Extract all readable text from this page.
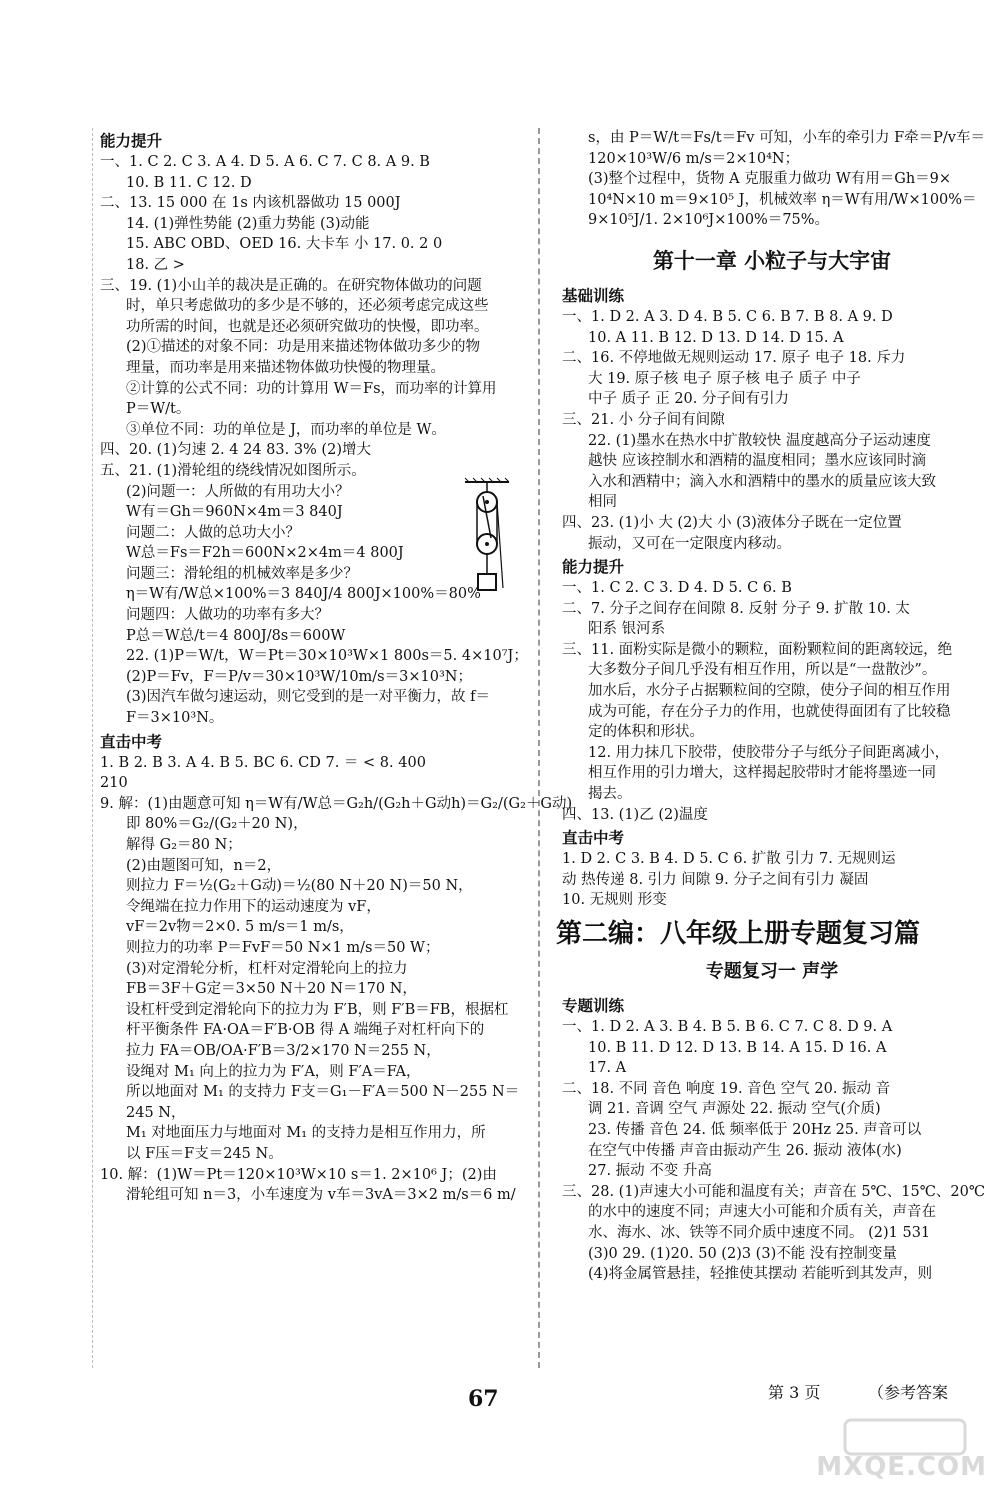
能力提升
一、1. C 2. C 3. A 4. D 5. A 6. C 7. C 8. A 9. B
10. B 11. C 12. D
二、13. 15 000 在 1s 内该机器做功 15 000J
14. (1)弹性势能 (2)重力势能 (3)动能
15. ABC OBD、OED 16. 大卡车 小 17. 0. 2 0
18. 乙 >
三、19. (1)小山羊的裁决是正确的。在研究物体做功的问题
时，单只考虑做功的多少是不够的，还必须考虑完成这些
功所需的时间，也就是还必须研究做功的快慢，即功率。
(2)①描述的对象不同：功是用来描述物体做功多少的物
理量，而功率是用来描述物体做功快慢的物理量。
②计算的公式不同：功的计算用 W＝Fs，而功率的计算用
P＝W/t。
③单位不同：功的单位是 J，而功率的单位是 W。
四、20. (1)匀速 2. 4 24 83. 3% (2)增大
五、21. (1)滑轮组的绕线情况如图所示。
(2)问题一：人所做的有用功大小？
W有＝Gh＝960N×4m＝3 840J
问题二：人做的总功大小？
W总＝Fs＝F2h＝600N×2×4m＝4 800J
问题三：滑轮组的机械效率是多少？
η＝W有/W总×100%＝3 840J/4 800J×100%＝80%
问题四：人做功的功率有多大？
P总＝W总/t＝4 800J/8s＝600W
22. (1)P＝W/t，W＝Pt＝30×10³W×1 800s＝5. 4×10⁷J；
(2)P＝Fv，F＝P/v＝30×10³W/10m/s＝3×10³N；
(3)因汽车做匀速运动，则它受到的是一对平衡力，故 f＝
F＝3×10³N。
直击中考
1. B 2. B 3. A 4. B 5. BC 6. CD 7. ＝ < 8. 400
210
9. 解：(1)由题意可知 η＝W有/W总＝G₂h/(G₂h＋G动h)＝G₂/(G₂＋G动)
即 80%＝G₂/(G₂＋20 N)，
解得 G₂＝80 N；
(2)由题图可知，n＝2，
则拉力 F＝½(G₂＋G动)＝½(80 N＋20 N)＝50 N，
令绳端在拉力作用下的运动速度为 vF，
vF＝2v物＝2×0. 5 m/s＝1 m/s，
则拉力的功率 P＝FvF＝50 N×1 m/s＝50 W；
(3)对定滑轮分析，杠杆对定滑轮向上的拉力
FB＝3F＋G定＝3×50 N＋20 N＝170 N，
设杠杆受到定滑轮向下的拉力为 F′B，则 F′B＝FB，根据杠
杆平衡条件 FA·OA＝F′B·OB 得 A 端绳子对杠杆向下的
拉力 FA＝OB/OA·F′B＝3/2×170 N＝255 N，
设绳对 M₁ 向上的拉力为 F′A，则 F′A＝FA，
所以地面对 M₁ 的支持力 F支＝G₁－F′A＝500 N－255 N＝
245 N，
M₁ 对地面压力与地面对 M₁ 的支持力是相互作用力，所
以 F压＝F支＝245 N。
10. 解：(1)W＝Pt＝120×10³W×10 s＝1. 2×10⁶ J；(2)由
滑轮组可知 n＝3，小车速度为 v车＝3vA＝3×2 m/s＝6 m/
s，由 P＝W/t＝Fs/t＝Fv 可知，小车的牵引力 F牵＝P/v车＝
120×10³W/6 m/s＝2×10⁴N；
(3)整个过程中，货物 A 克服重力做功 W有用＝Gh＝9×
10⁴N×10 m＝9×10⁵ J，机械效率 η＝W有用/W×100%＝
9×10⁵J/1. 2×10⁶J×100%＝75%。
第十一章 小粒子与大宇宙
基础训练
一、1. D 2. A 3. D 4. B 5. C 6. B 7. B 8. A 9. D
10. A 11. B 12. D 13. D 14. D 15. A
二、16. 不停地做无规则运动 17. 原子 电子 18. 斥力
大 19. 原子核 电子 原子核 电子 质子 中子
中子 质子 正 20. 分子间有引力
三、21. 小 分子间有间隙
22. (1)墨水在热水中扩散较快 温度越高分子运动速度
越快 应该控制水和酒精的温度相同；墨水应该同时滴
入水和酒精中；滴入水和酒精中的墨水的质量应该大致
相同
四、23. (1)小 大 (2)大 小 (3)液体分子既在一定位置
振动，又可在一定限度内移动。
能力提升
一、1. C 2. C 3. D 4. D 5. C 6. B
二、7. 分子之间存在间隙 8. 反射 分子 9. 扩散 10. 太
阳系 银河系
三、11. 面粉实际是微小的颗粒，面粉颗粒间的距离较远，绝
大多数分子间几乎没有相互作用，所以是“一盘散沙”。
加水后，水分子占据颗粒间的空隙，使分子间的相互作用
成为可能，存在分子力的作用，也就使得面团有了比较稳
定的体积和形状。
12. 用力抹几下胶带，使胶带分子与纸分子间距离减小，
相互作用的引力增大，这样揭起胶带时才能将墨迹一同
揭去。
四、13. (1)乙 (2)温度
直击中考
1. D 2. C 3. B 4. D 5. C 6. 扩散 引力 7. 无规则运
动 热传递 8. 引力 间隙 9. 分子之间有引力 凝固
10. 无规则 形变
第二编：八年级上册专题复习篇
专题复习一 声学
专题训练
一、1. D 2. A 3. B 4. B 5. B 6. C 7. C 8. D 9. A
10. B 11. D 12. D 13. B 14. A 15. D 16. A
17. A
二、18. 不同 音色 响度 19. 音色 空气 20. 振动 音
调 21. 音调 空气 声源处 22. 振动 空气(介质)
23. 传播 音色 24. 低 频率低于 20Hz 25. 声音可以
在空气中传播 声音由振动产生 26. 振动 液体(水)
27. 振动 不变 升高
三、28. (1)声速大小可能和温度有关；声音在 5℃、15℃、20℃
的水中的速度不同；声速大小可能和介质有关，声音在
水、海水、冰、铁等不同介质中速度不同。 (2)1 531
(3)0 29. (1)20. 50 (2)3 (3)不能 没有控制变量
(4)将金属管悬挂，轻推使其摆动 若能听到其发声，则
67	第 3 页	（参考答案
MXQE.COM
